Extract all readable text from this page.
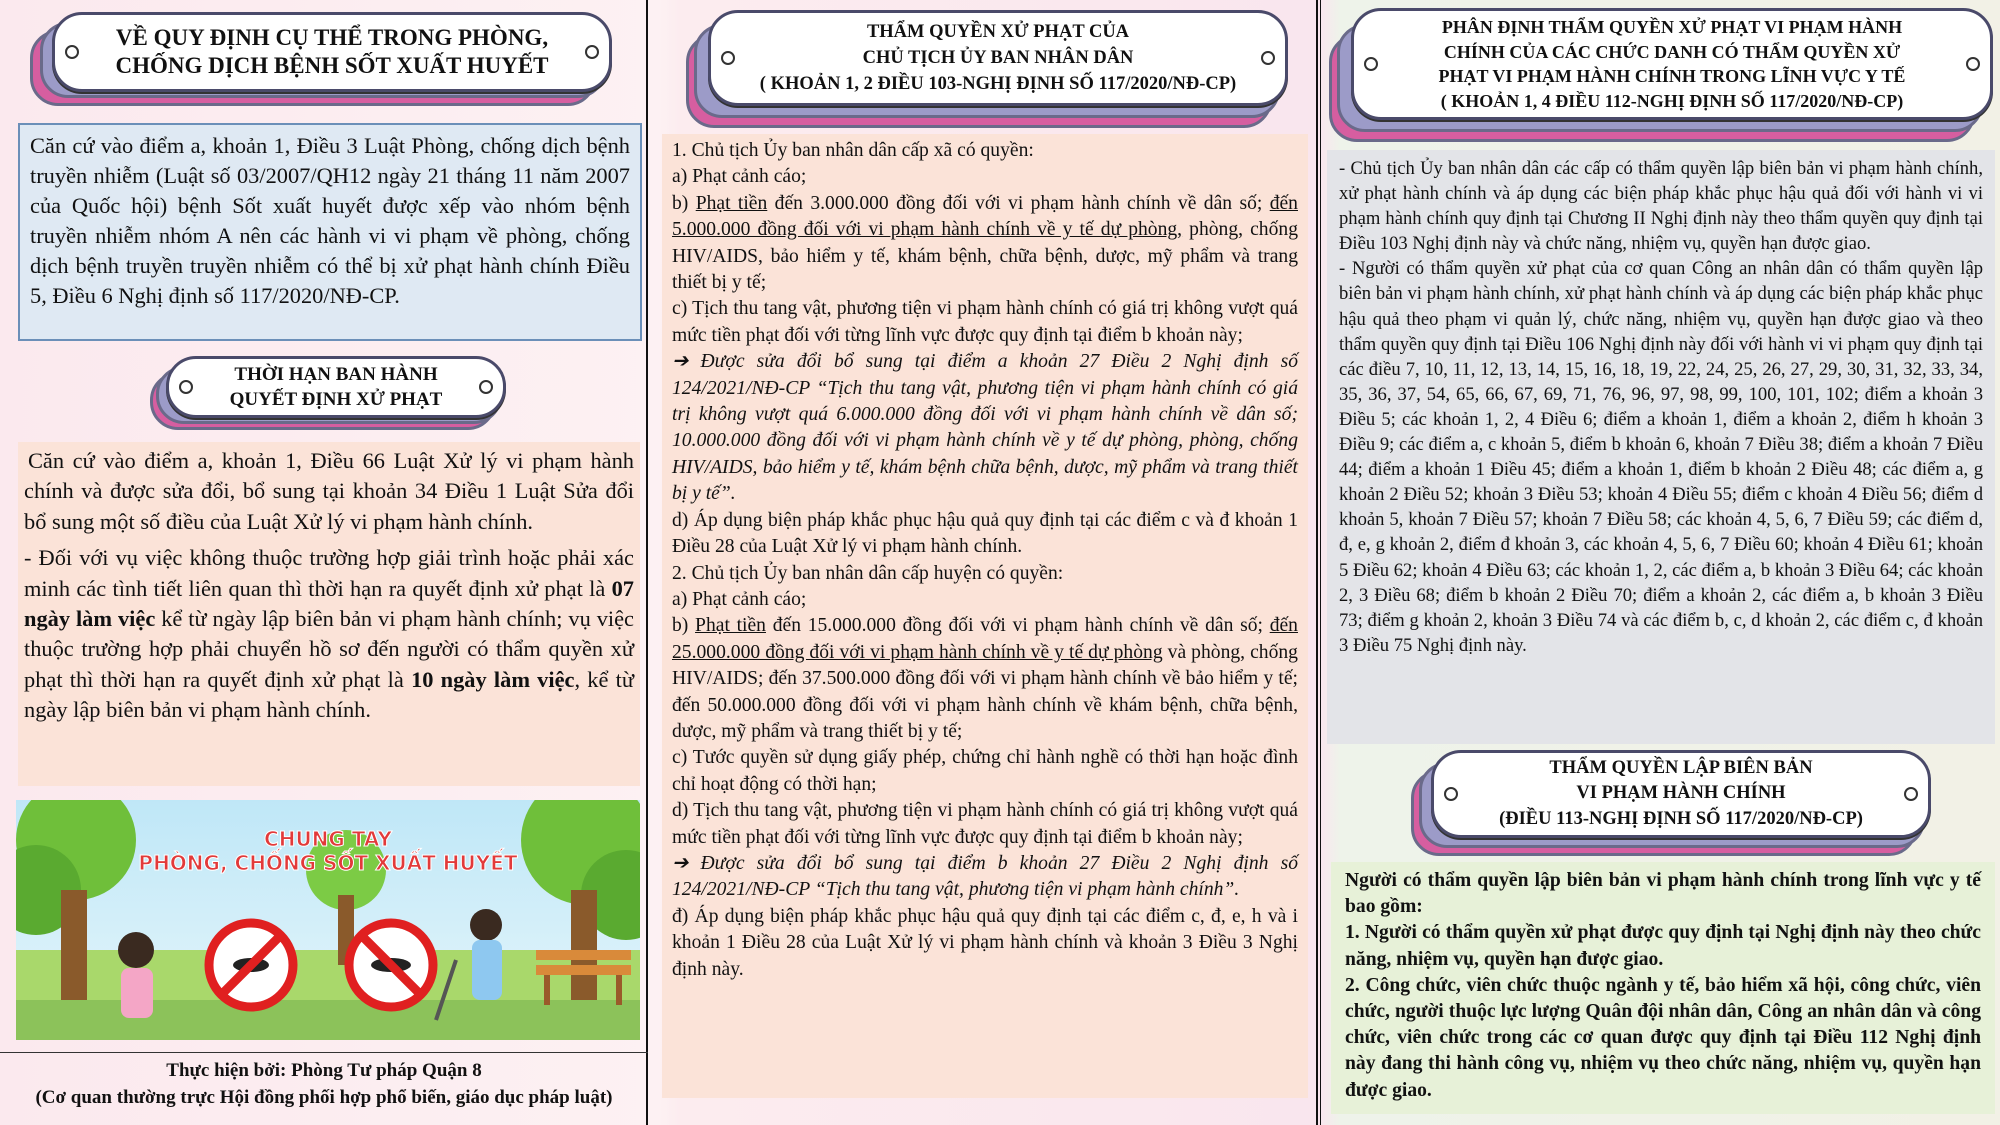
VỀ QUY ĐỊNH CỤ THỂ TRONG PHÒNG,
CHỐNG DỊCH BỆNH SỐT XUẤT HUYẾT

Căn cứ vào điểm a, khoản 1, Điều 3 Luật Phòng, chống dịch bệnh truyền nhiễm (Luật số 03/2007/QH12 ngày 21 tháng 11 năm 2007 của Quốc hội) bệnh Sốt xuất huyết được xếp vào nhóm bệnh truyền nhiễm nhóm A nên các hành vi vi phạm về phòng, chống dịch bệnh truyền truyền nhiễm có thể bị xử phạt hành chính Điều 5, Điều 6 Nghị định số 117/2020/NĐ-CP.

THỜI HẠN BAN HÀNH
QUYẾT ĐỊNH XỬ PHẠT

Căn cứ vào điểm a, khoản 1, Điều 66 Luật Xử lý vi phạm hành chính và được sửa đổi, bổ sung tại khoản 34 Điều 1 Luật Sửa đổi bổ sung một số điều của Luật Xử lý vi phạm hành chính.

- Đối với vụ việc không thuộc trường hợp giải trình hoặc phải xác minh các tình tiết liên quan thì thời hạn ra quyết định xử phạt là 07 ngày làm việc kể từ ngày lập biên bản vi phạm hành chính; vụ việc thuộc trường hợp phải chuyển hồ sơ đến người có thẩm quyền xử phạt thì thời hạn ra quyết định xử phạt là 10 ngày làm việc, kể từ ngày lập biên bản vi phạm hành chính.

CHUNG TAY
PHÒNG, CHỐNG SỐT XUẤT HUYẾT
Thực hiện bởi: Phòng Tư pháp Quận 8
(Cơ quan thường trực Hội đồng phối hợp phổ biến, giáo dục pháp luật)
THẨM QUYỀN XỬ PHẠT CỦA
CHỦ TỊCH ỦY BAN NHÂN DÂN
( KHOẢN 1, 2 ĐIỀU 103-NGHỊ ĐỊNH SỐ 117/2020/NĐ-CP)

1. Chủ tịch Ủy ban nhân dân cấp xã có quyền:

a) Phạt cảnh cáo;

b) Phạt tiền đến 3.000.000 đồng đối với vi phạm hành chính về dân số; đến 5.000.000 đồng đối với vi phạm hành chính về y tế dự phòng, phòng, chống HIV/AIDS, bảo hiểm y tế, khám bệnh, chữa bệnh, dược, mỹ phẩm và trang thiết bị y tế;

c) Tịch thu tang vật, phương tiện vi phạm hành chính có giá trị không vượt quá mức tiền phạt đối với từng lĩnh vực được quy định tại điểm b khoản này;

➔ Được sửa đổi bổ sung tại điểm a khoản 27 Điều 2 Nghị định số 124/2021/NĐ-CP “Tịch thu tang vật, phương tiện vi phạm hành chính có giá trị không vượt quá 6.000.000 đồng đối với vi phạm hành chính về dân số; 10.000.000 đồng đối với vi phạm hành chính về y tế dự phòng, phòng, chống HIV/AIDS, bảo hiểm y tế, khám bệnh chữa bệnh, dược, mỹ phẩm và trang thiết bị y tế”.

d) Áp dụng biện pháp khắc phục hậu quả quy định tại các điểm c và đ khoản 1 Điều 28 của Luật Xử lý vi phạm hành chính.

2. Chủ tịch Ủy ban nhân dân cấp huyện có quyền:

a) Phạt cảnh cáo;

b) Phạt tiền đến 15.000.000 đồng đối với vi phạm hành chính về dân số; đến 25.000.000 đồng đối với vi phạm hành chính về y tế dự phòng và phòng, chống HIV/AIDS; đến 37.500.000 đồng đối với vi phạm hành chính về bảo hiểm y tế; đến 50.000.000 đồng đối với vi phạm hành chính về khám bệnh, chữa bệnh, dược, mỹ phẩm và trang thiết bị y tế;

c) Tước quyền sử dụng giấy phép, chứng chỉ hành nghề có thời hạn hoặc đình chỉ hoạt động có thời hạn;

d) Tịch thu tang vật, phương tiện vi phạm hành chính có giá trị không vượt quá mức tiền phạt đối với từng lĩnh vực được quy định tại điểm b khoản này;

➔ Được sửa đổi bổ sung tại điểm b khoản 27 Điều 2 Nghị định số 124/2021/NĐ-CP “Tịch thu tang vật, phương tiện vi phạm hành chính”.

đ) Áp dụng biện pháp khắc phục hậu quả quy định tại các điểm c, đ, e, h và i khoản 1 Điều 28 của Luật Xử lý vi phạm hành chính và khoản 3 Điều 3 Nghị định này.

PHÂN ĐỊNH THẨM QUYỀN XỬ PHẠT VI PHẠM HÀNH
CHÍNH CỦA CÁC CHỨC DANH CÓ THẨM QUYỀN XỬ
PHẠT VI PHẠM HÀNH CHÍNH TRONG LĨNH VỰC Y TẾ
( KHOẢN 1, 4 ĐIỀU 112-NGHỊ ĐỊNH SỐ 117/2020/NĐ-CP)

- Chủ tịch Ủy ban nhân dân các cấp có thẩm quyền lập biên bản vi phạm hành chính, xử phạt hành chính và áp dụng các biện pháp khắc phục hậu quả đối với hành vi vi phạm hành chính quy định tại Chương II Nghị định này theo thẩm quyền quy định tại Điều 103 Nghị định này và chức năng, nhiệm vụ, quyền hạn được giao.

- Người có thẩm quyền xử phạt của cơ quan Công an nhân dân có thẩm quyền lập biên bản vi phạm hành chính, xử phạt hành chính và áp dụng các biện pháp khắc phục hậu quả theo phạm vi quản lý, chức năng, nhiệm vụ, quyền hạn được giao và theo thẩm quyền quy định tại Điều 106 Nghị định này đối với hành vi vi phạm quy định tại các điều 7, 10, 11, 12, 13, 14, 15, 16, 18, 19, 22, 24, 25, 26, 27, 29, 30, 31, 32, 33, 34, 35, 36, 37, 54, 65, 66, 67, 69, 71, 76, 96, 97, 98, 99, 100, 101, 102; điểm a khoản 3 Điều 5; các khoản 1, 2, 4 Điều 6; điểm a khoản 1, điểm a khoản 2, điểm h khoản 3 Điều 9; các điểm a, c khoản 5, điểm b khoản 6, khoản 7 Điều 38; điểm a khoản 7 Điều 44; điểm a khoản 1 Điều 45; điểm a khoản 1, điểm b khoản 2 Điều 48; các điểm a, g khoản 2 Điều 52; khoản 3 Điều 53; khoản 4 Điều 55; điểm c khoản 4 Điều 56; điểm d khoản 5, khoản 7 Điều 57; khoản 7 Điều 58; các khoản 4, 5, 6, 7 Điều 59; các điểm d, đ, e, g khoản 2, điểm đ khoản 3, các khoản 4, 5, 6, 7 Điều 60; khoản 4 Điều 61; khoản 5 Điều 62; khoản 4 Điều 63; các khoản 1, 2, các điểm a, b khoản 3 Điều 64; các khoản 2, 3 Điều 68; điểm b khoản 2 Điều 70; điểm a khoản 2, các điểm a, b khoản 3 Điều 73; điểm g khoản 2, khoản 3 Điều 74 và các điểm b, c, d khoản 2, các điểm c, đ khoản 3 Điều 75 Nghị định này.

THẨM QUYỀN LẬP BIÊN BẢN
VI PHẠM HÀNH CHÍNH
(ĐIỀU 113-NGHỊ ĐỊNH SỐ 117/2020/NĐ-CP)

Người có thẩm quyền lập biên bản vi phạm hành chính trong lĩnh vực y tế bao gồm:

1. Người có thẩm quyền xử phạt được quy định tại Nghị định này theo chức năng, nhiệm vụ, quyền hạn được giao.

2. Công chức, viên chức thuộc ngành y tế, bảo hiểm xã hội, công chức, viên chức, người thuộc lực lượng Quân đội nhân dân, Công an nhân dân và công chức, viên chức trong các cơ quan được quy định tại Điều 112 Nghị định này đang thi hành công vụ, nhiệm vụ theo chức năng, nhiệm vụ, quyền hạn được giao.
